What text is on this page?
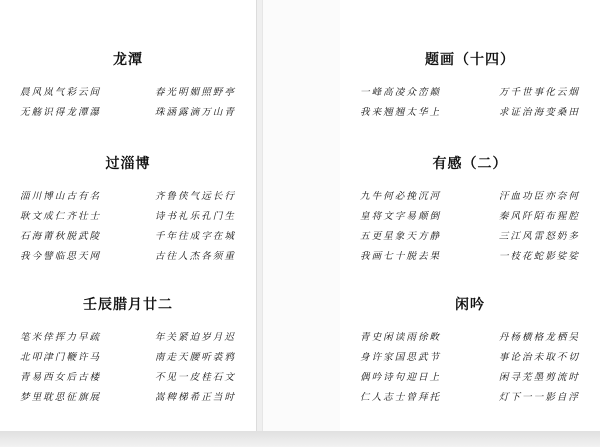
龙潭
晨风岚气彩云间
无觞识得龙潭瀑
春光明媚照野亭
珠涵露滴万山青
过淄博
淄川博山古有名
耿文成仁齐壮士
石海莆秋脱武陵
我今譬临思天网
齐鲁侠气远长行
诗书礼乐孔门生
千年往成字在城
古往人杰各须重
壬辰腊月廿二
笔米倖挥力早疏
北叩津门鞭许马
青易西女后古楼
梦里耽思征旗展
年关紧迫岁月迟
南走天腰听裘鸦
不见一皮桂石文
嵩稗梯希正当时
题画（十四）
一峰高凌众峦巅
我来翘翘太华上
万千世事化云烟
求证治海变桑田
有感（二）
九牛何必挽沉河
皇将文字易颠倒
五更星象天方静
我画七十脱去果
汗血功臣亦奈何
秦风阡陌布猩腔
三江风雷怒奶多
一枝花蛇影娑娑
闲吟
青史闲读雨徐畋
身许家国思武节
偶吟诗句迎日上
仁人志士曾拜托
丹杨横格龙栖吴
事论治未取不切
闲寻芜墨剪流时
灯下一一影自浮
